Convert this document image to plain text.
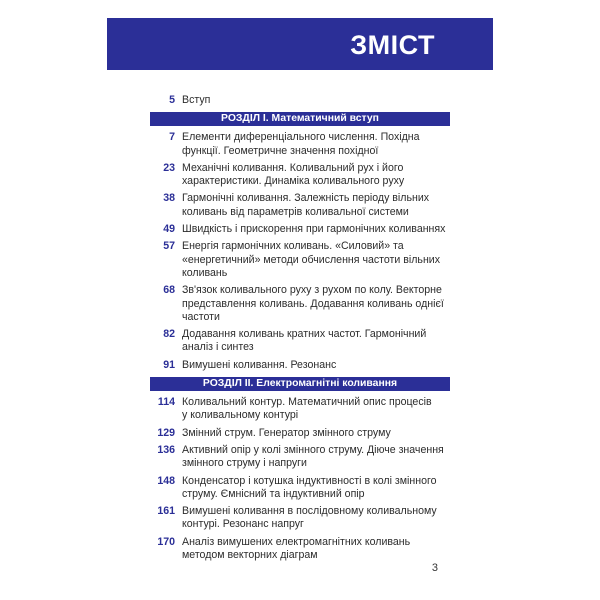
ЗМІСТ
5 Вступ
РОЗДІЛ І. Математичний вступ
7 Елементи диференціального числення. Похідна
функції. Геометричне значення похідної
23 Механічні коливання. Коливальний рух і його
характеристики. Динаміка коливального руху
38 Гармонічні коливання. Залежність періоду вільних
коливань від параметрів коливальної системи
49 Швидкість і прискорення при гармонічних коливаннях
57 Енергія гармонічних коливань. «Силовий» та
«енергетичний» методи обчислення частоти вільних
коливань
68 Зв'язок коливального руху з рухом по колу. Векторне
представлення коливань. Додавання коливань однієї
частоти
82 Додавання коливань кратних частот. Гармонічний
аналіз і синтез
91 Вимушені коливання. Резонанс
РОЗДІЛ ІІ. Електромагнітні коливання
114 Коливальний контур. Математичний опис процесів
у коливальному контурі
129 Змінний струм. Генератор змінного струму
136 Активний опір у колі змінного струму. Діюче значення
змінного струму і напруги
148 Конденсатор і котушка індуктивності в колі змінного
струму. Ємнісний та індуктивний опір
161 Вимушені коливання в послідовному коливальному
контурі. Резонанс напруг
170 Аналіз вимушених електромагнітних коливань
методом векторних діаграм
3
